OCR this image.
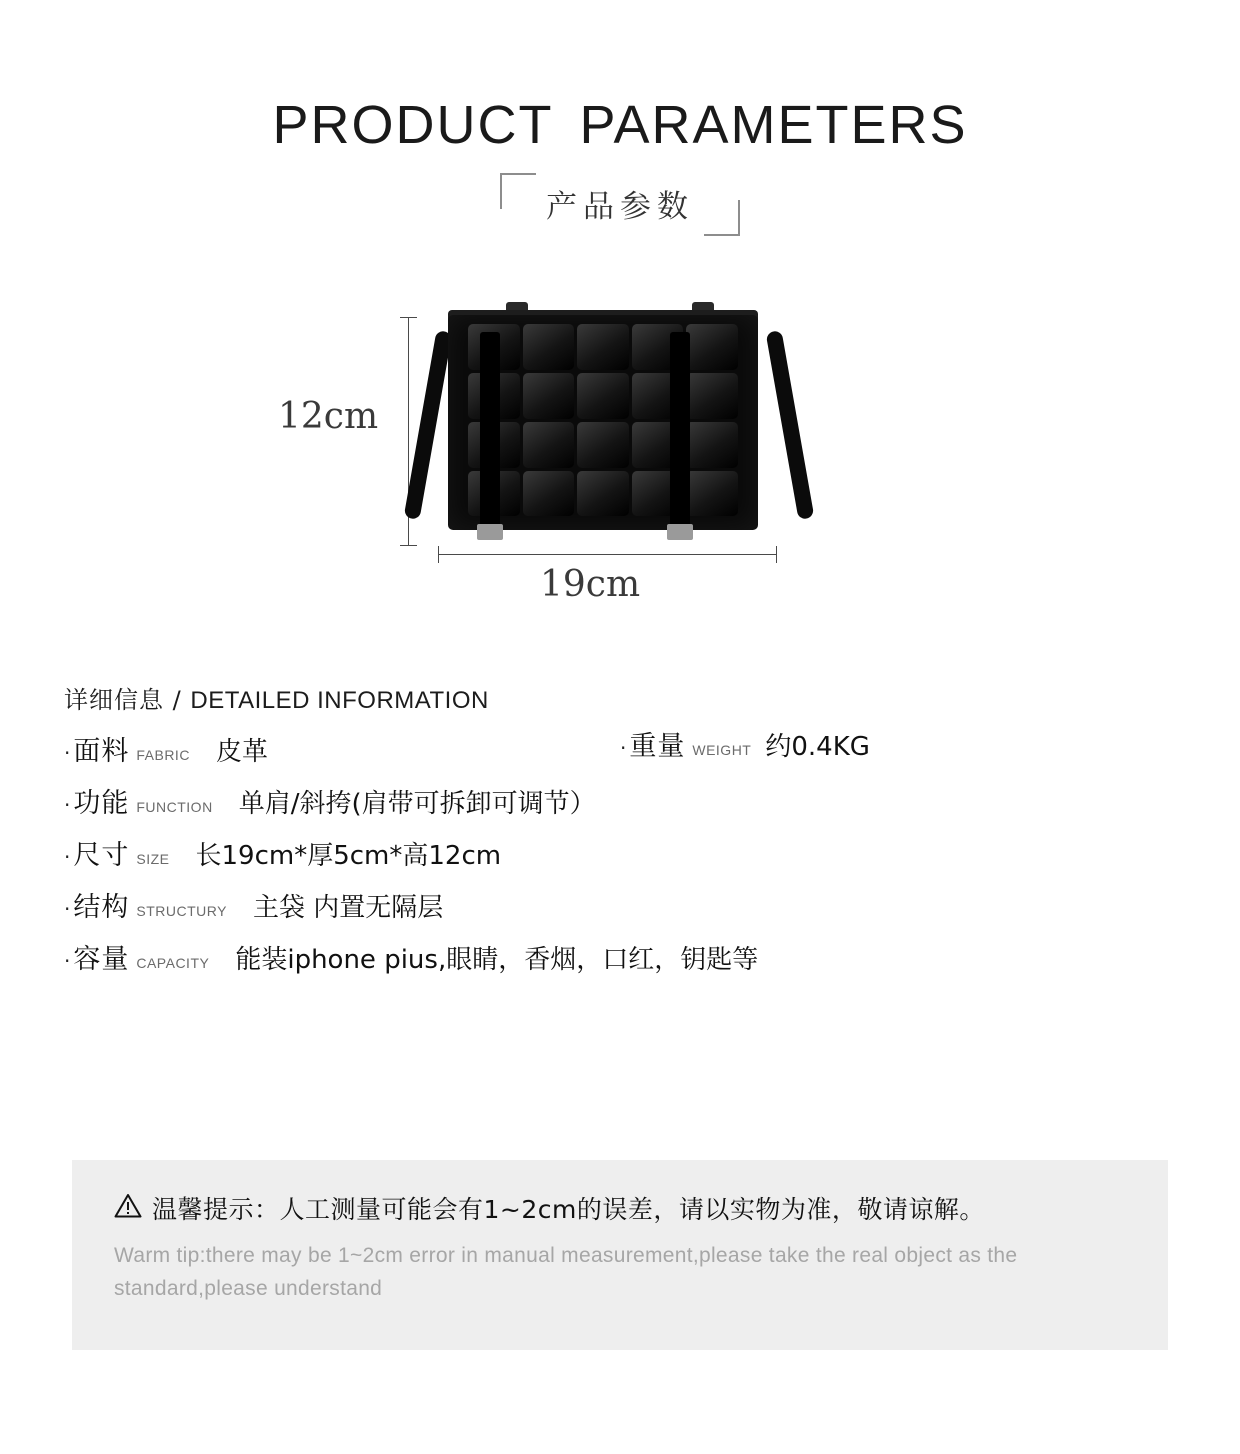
PRODUCT PARAMETERS
产品参数
12cm
19cm
详细信息 / DETAILED INFORMATION
· 面料 FABRIC 皮革
· 功能 FUNCTION 单肩/斜挎(肩带可拆卸可调节）
· 尺寸 SIZE 长19cm*厚5cm*高12cm
· 结构 STRUCTURY 主袋 内置无隔层
· 容量 CAPACITY 能装iphone pius,眼睛，香烟，口红，钥匙等
· 重量 WEIGHT 约0.4KG
温馨提示：人工测量可能会有1~2cm的误差，请以实物为准，敬请谅解。
Warm tip:there may be 1~2cm error in manual measurement,please take the real object as the standard,please understand
